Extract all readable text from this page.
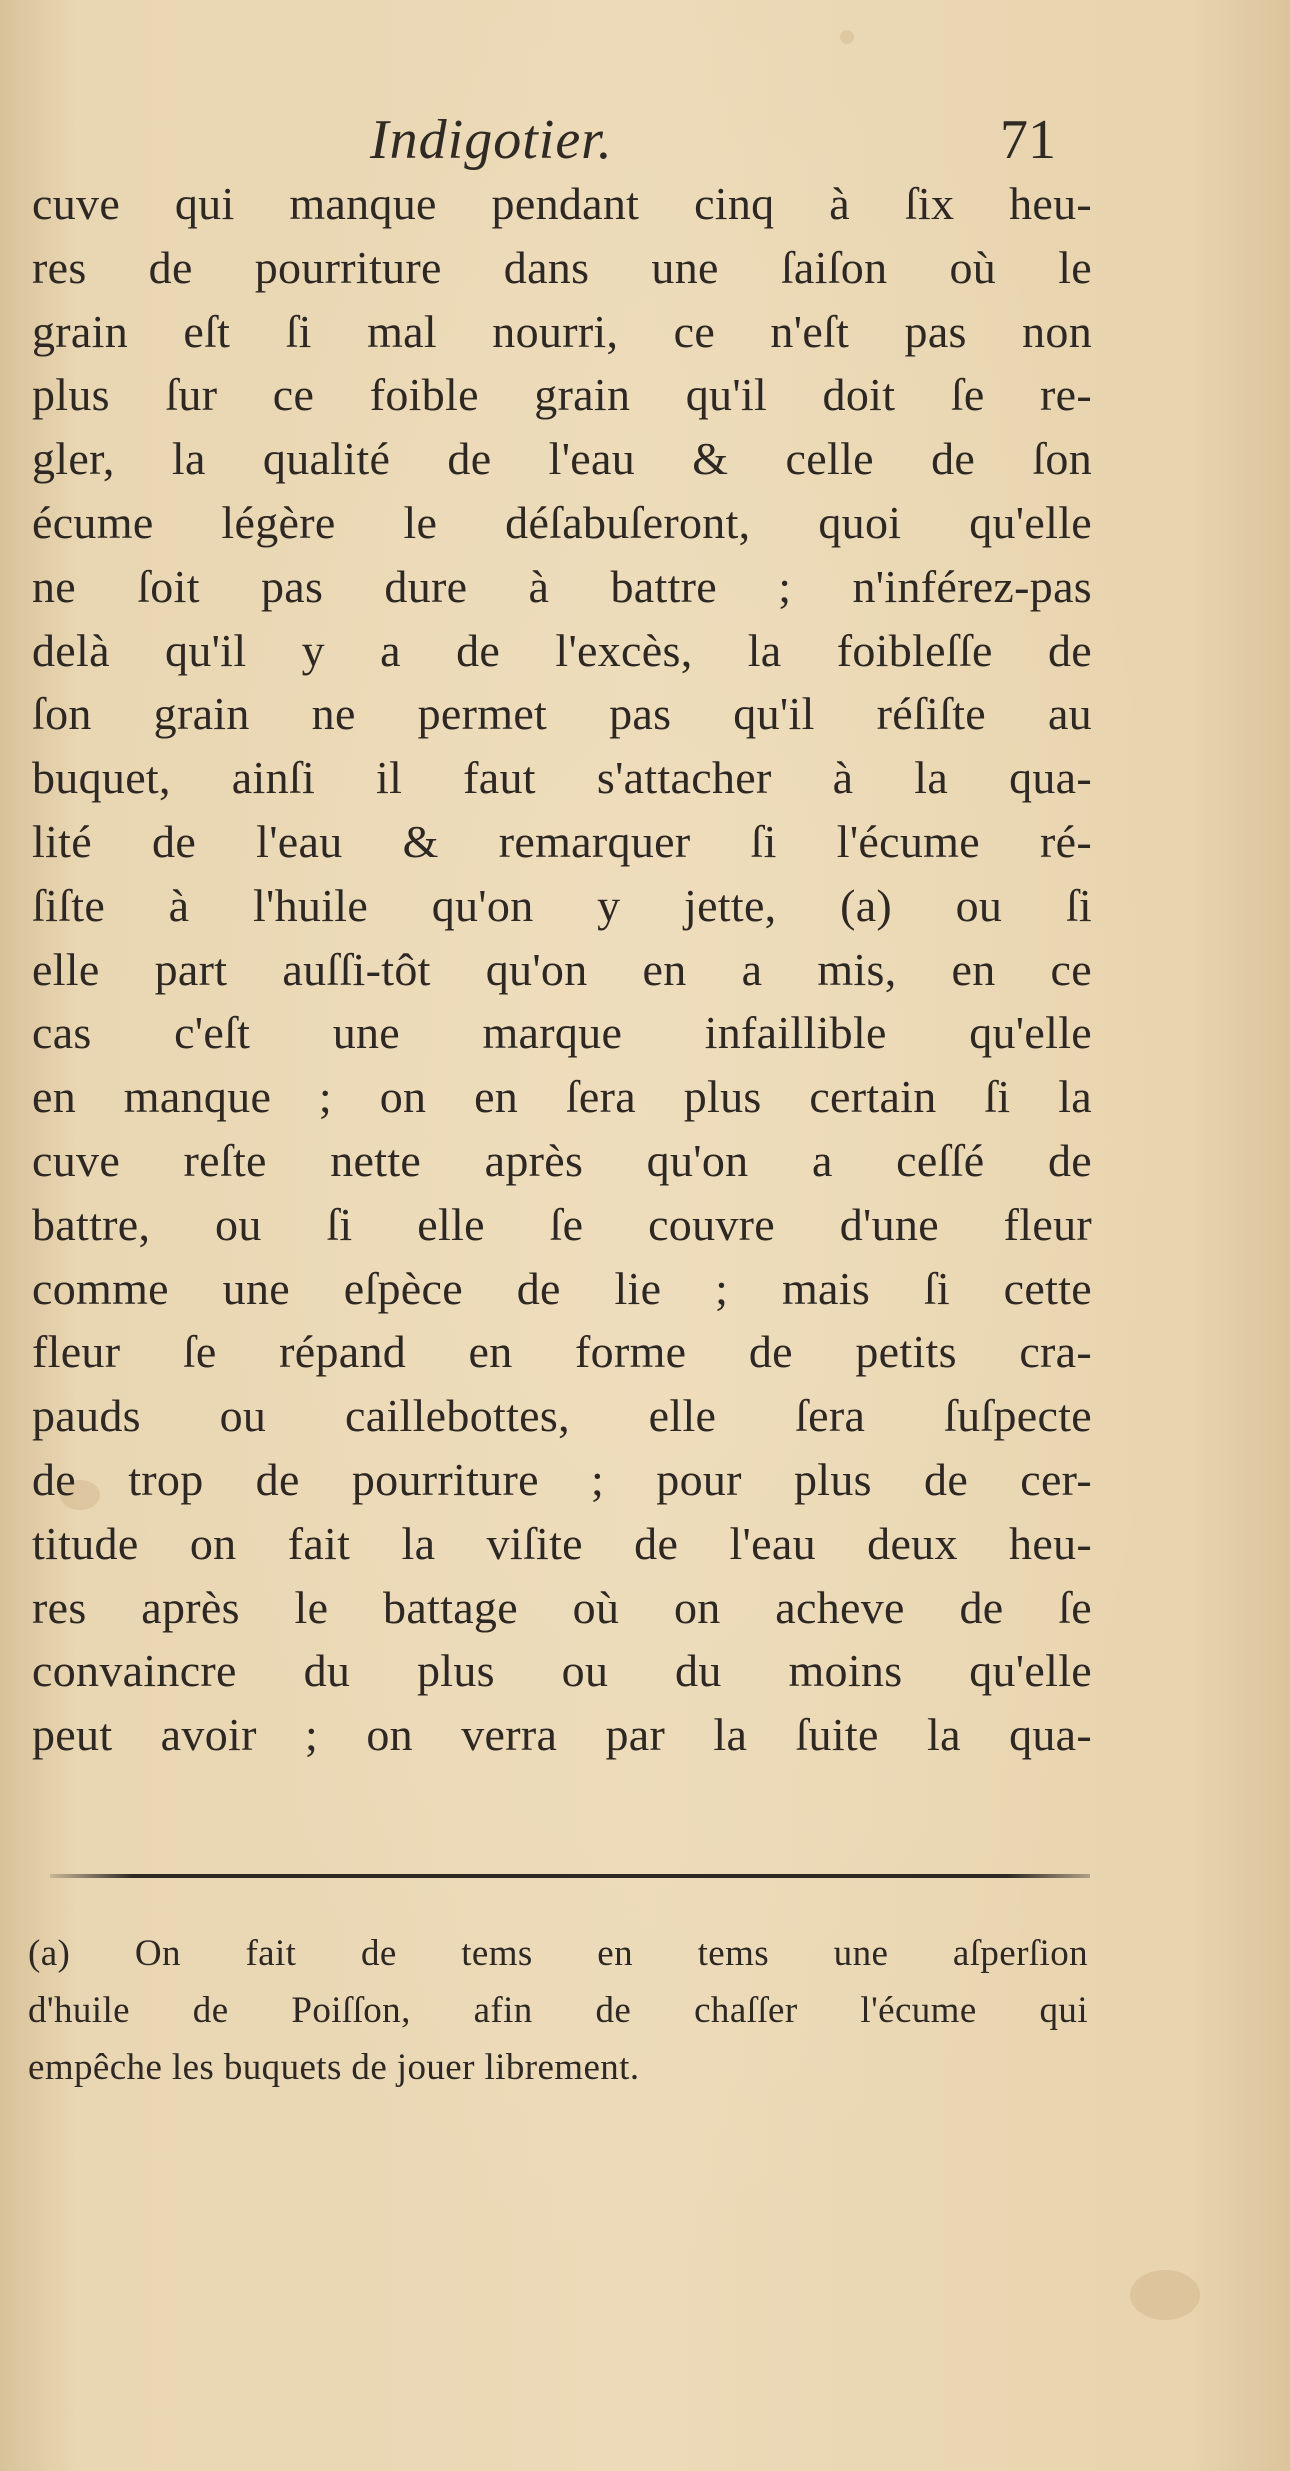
Indigotier.	71
cuve qui manque pendant cinq à ſix heu-
res de pourriture dans une ſaiſon où le
grain eſt ſi mal nourri, ce n'eſt pas non
plus ſur ce foible grain qu'il doit ſe re-
gler, la qualité de l'eau & celle de ſon
écume légère le déſabuſeront, quoi qu'elle
ne ſoit pas dure à battre ; n'inférez-pas
delà qu'il y a de l'excès, la foibleſſe de
ſon grain ne permet pas qu'il réſiſte au
buquet, ainſi il faut s'attacher à la qua-
lité de l'eau & remarquer ſi l'écume ré-
ſiſte à l'huile qu'on y jette, (a) ou ſi
elle part auſſi-tôt qu'on en a mis, en ce
cas c'eſt une marque infaillible qu'elle
en manque ; on en ſera plus certain ſi la
cuve reſte nette après qu'on a ceſſé de
battre, ou ſi elle ſe couvre d'une fleur
comme une eſpèce de lie ; mais ſi cette
fleur ſe répand en forme de petits cra-
pauds ou caillebottes, elle ſera ſuſpecte
de trop de pourriture ; pour plus de cer-
titude on fait la viſite de l'eau deux heu-
res après le battage où on acheve de ſe
convaincre du plus ou du moins qu'elle
peut avoir ; on verra par la ſuite la qua-
(a) On fait de tems en tems une aſperſion
d'huile de Poiſſon, afin de chaſſer l'écume qui
empêche les buquets de jouer librement.
